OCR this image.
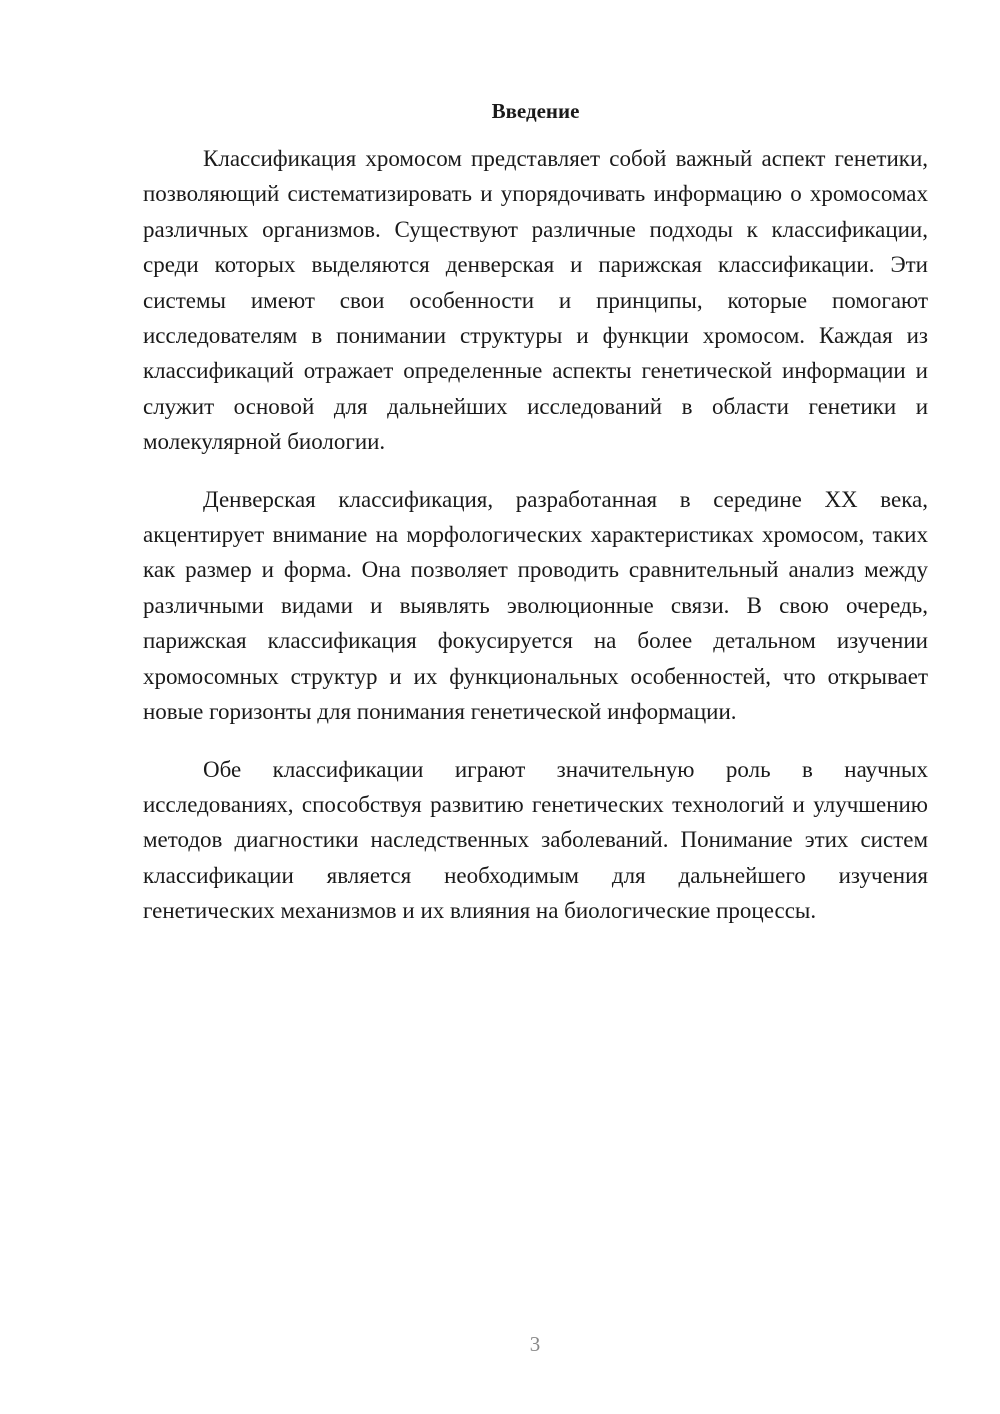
Введение

Классификация хромосом представляет собой важный аспект генетики, позволяющий систематизировать и упорядочивать информацию о хромосомах различных организмов. Существуют различные подходы к классификации, среди которых выделяются денверская и парижская классификации. Эти системы имеют свои особенности и принципы, которые помогают исследователям в понимании структуры и функции хромосом. Каждая из классификаций отражает определенные аспекты генетической информации и служит основой для дальнейших исследований в области генетики и молекулярной биологии.

Денверская классификация, разработанная в середине XX века, акцентирует внимание на морфологических характеристиках хромосом, таких как размер и форма. Она позволяет проводить сравнительный анализ между различными видами и выявлять эволюционные связи. В свою очередь, парижская классификация фокусируется на более детальном изучении хромосомных структур и их функциональных особенностей, что открывает новые горизонты для понимания генетической информации.

Обе классификации играют значительную роль в научных исследованиях, способствуя развитию генетических технологий и улучшению методов диагностики наследственных заболеваний. Понимание этих систем классификации является необходимым для дальнейшего изучения генетических механизмов и их влияния на биологические процессы.

3
